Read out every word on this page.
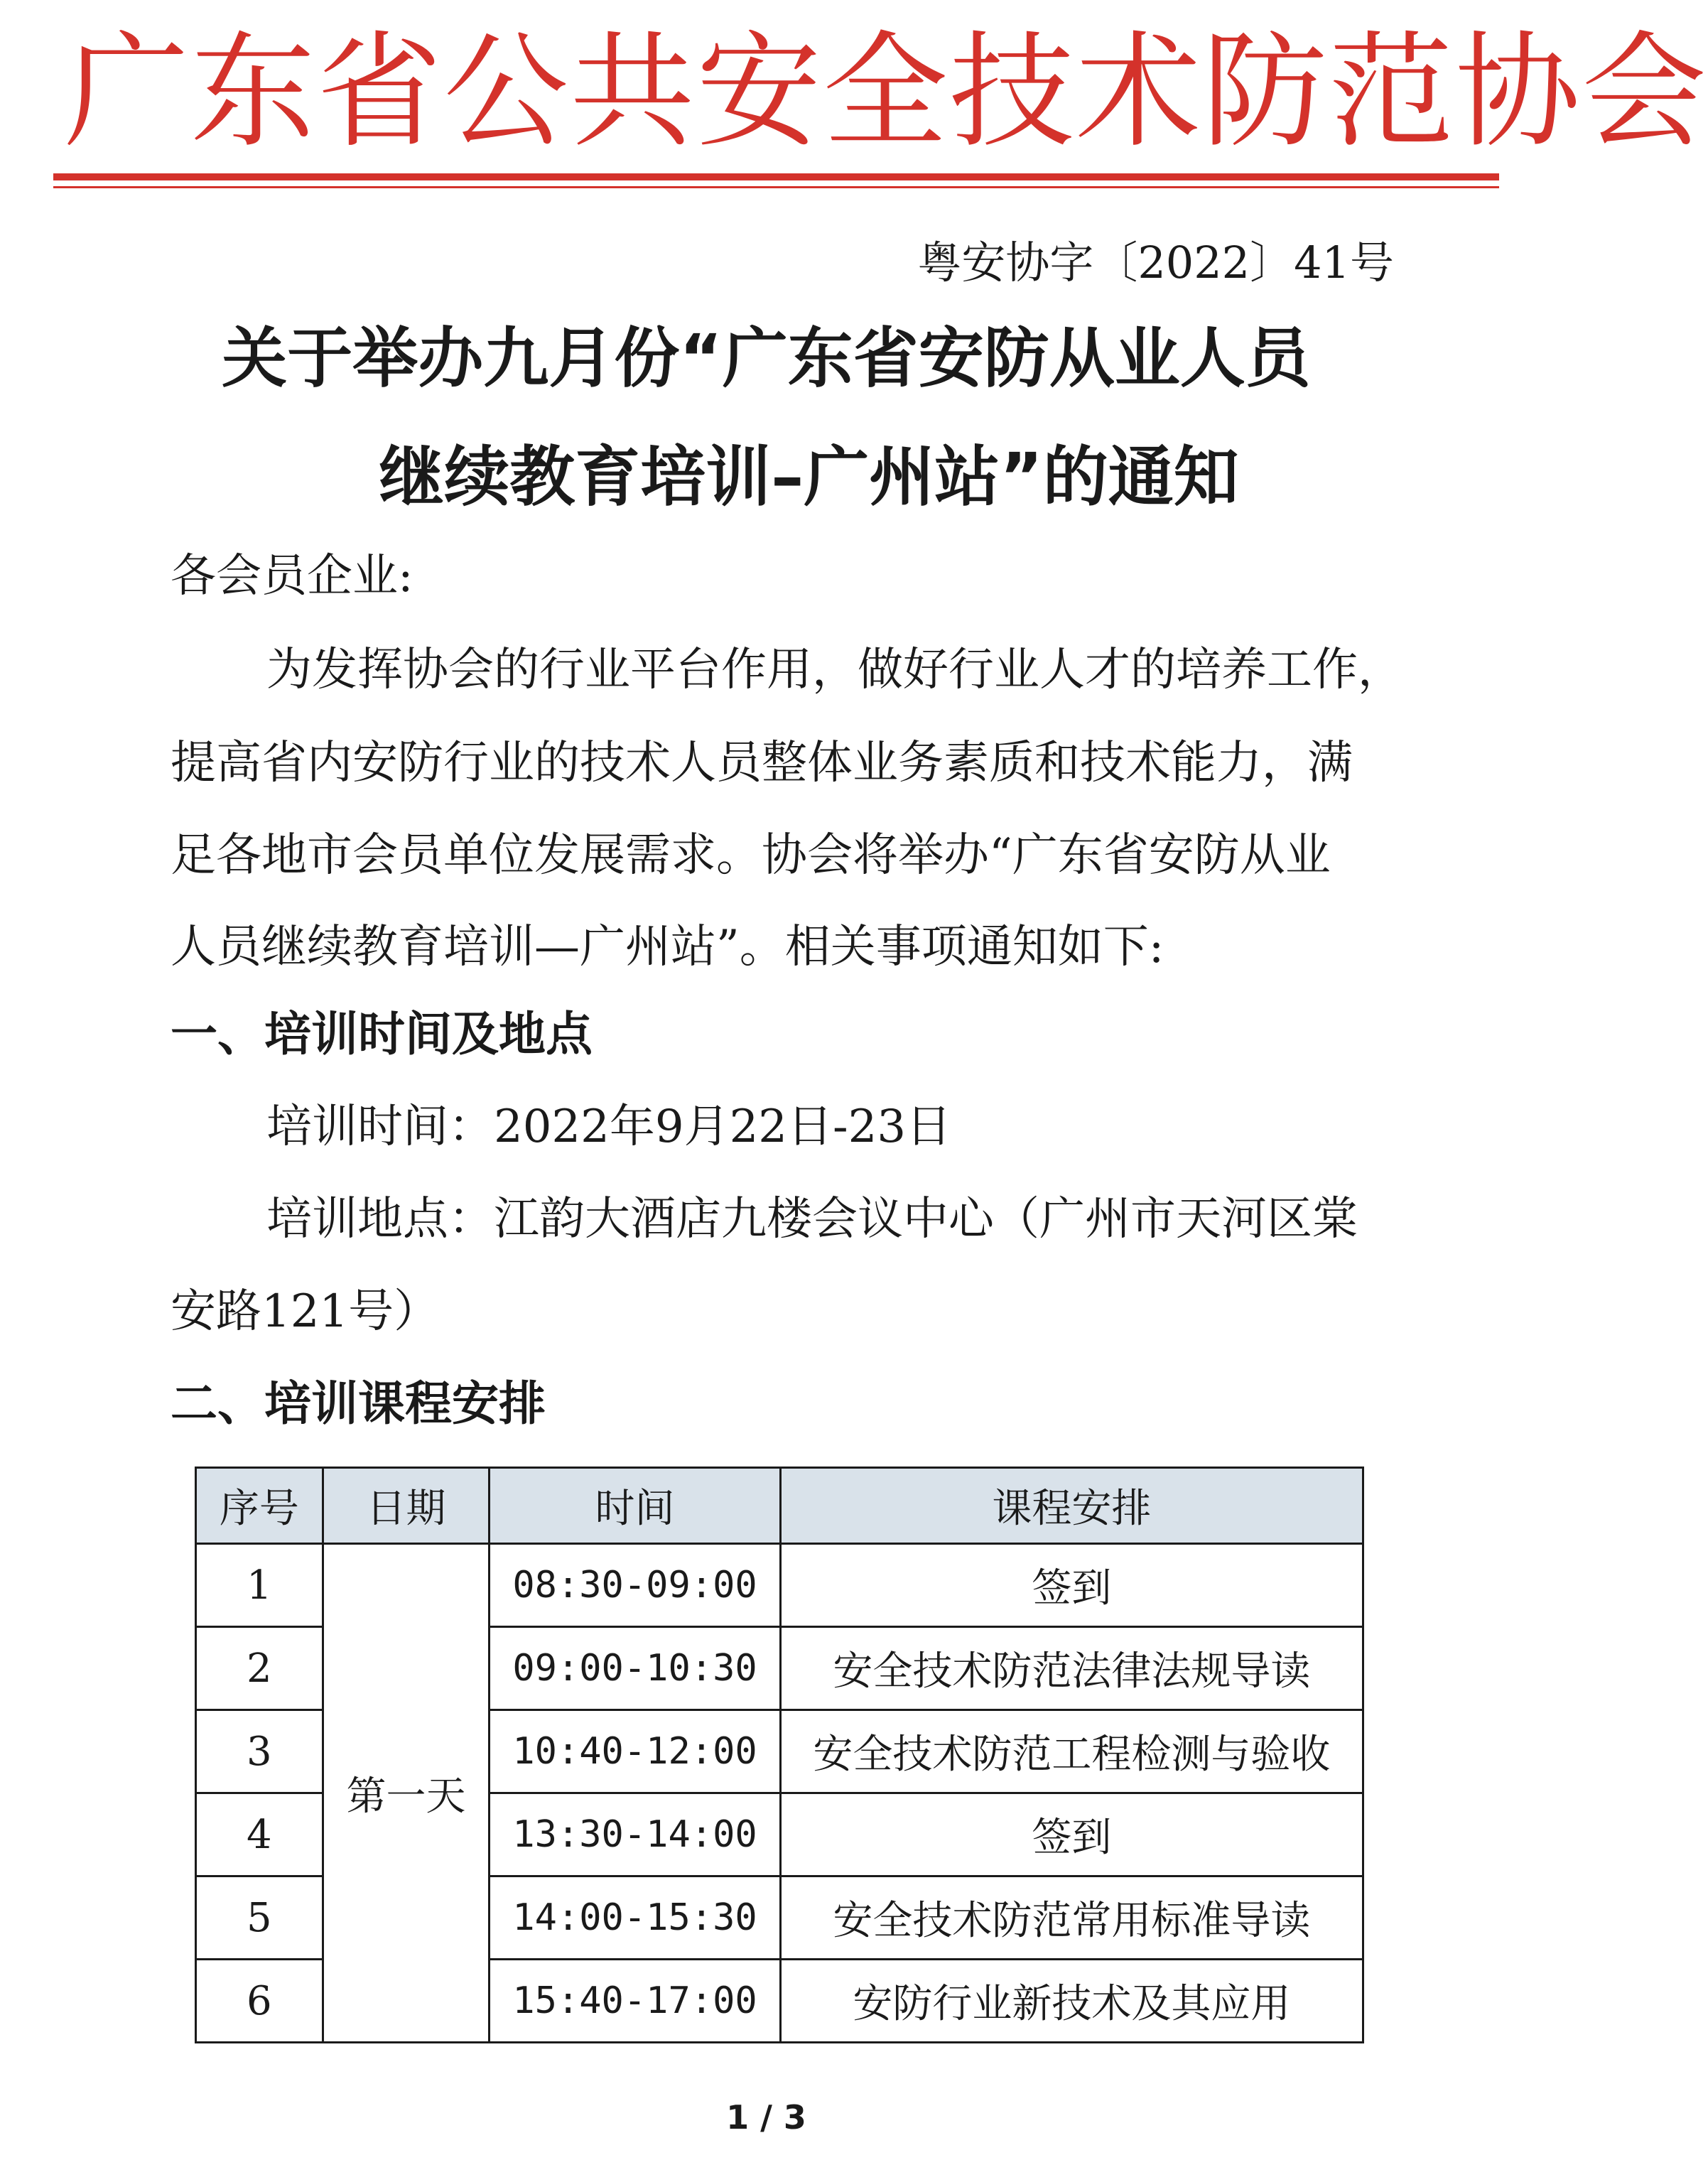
广东省公共安全技术防范协会
粤安协字〔2022〕41号
关于举办九月份“广东省安防从业人员
继续教育培训–广州站”的通知
各会员企业:
为发挥协会的行业平台作用，做好行业人才的培养工作，
提高省内安防行业的技术人员整体业务素质和技术能力，满
足各地市会员单位发展需求。协会将举办“广东省安防从业
人员继续教育培训—广州站”。相关事项通知如下:
一、培训时间及地点
培训时间：2022年9月22日-23日
培训地点：江韵大酒店九楼会议中心（广州市天河区棠
安路121号）
二、培训课程安排
序号	日期	时间	课程安排
1	第一天	08:30-09:00	签到
2		09:00-10:30	安全技术防范法律法规导读
3		10:40-12:00	安全技术防范工程检测与验收
4		13:30-14:00	签到
5		14:00-15:30	安全技术防范常用标准导读
6		15:40-17:00	安防行业新技术及其应用
1 / 3
